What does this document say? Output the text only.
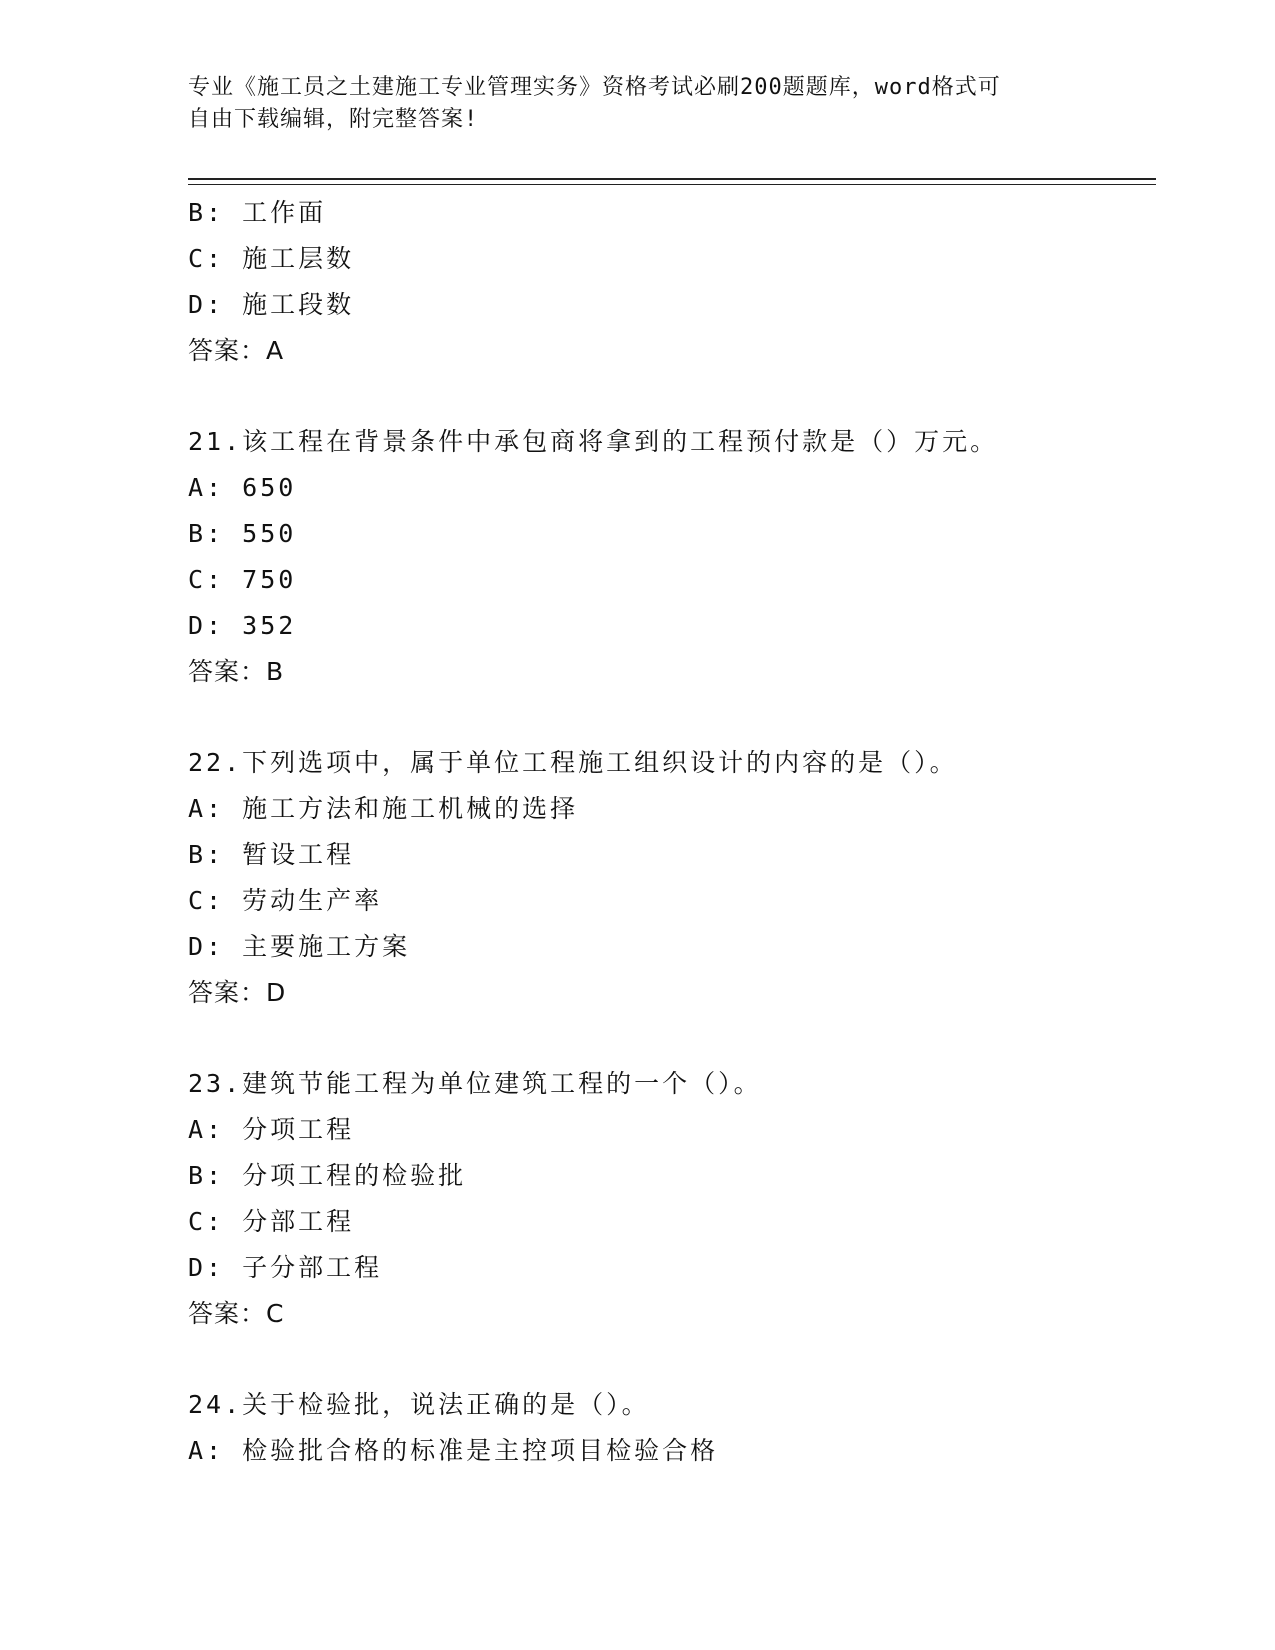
专业《施工员之土建施工专业管理实务》资格考试必刷200题题库，word格式可
自由下载编辑，附完整答案!
B: 工作面
C: 施工层数
D: 施工段数
答案：A
21.该工程在背景条件中承包商将拿到的工程预付款是（）万元。
A: 650
B: 550
C: 750
D: 352
答案：B
22.下列选项中，属于单位工程施工组织设计的内容的是（）。
A: 施工方法和施工机械的选择
B: 暂设工程
C: 劳动生产率
D: 主要施工方案
答案：D
23.建筑节能工程为单位建筑工程的一个（）。
A: 分项工程
B: 分项工程的检验批
C: 分部工程
D: 子分部工程
答案：C
24.关于检验批，说法正确的是（）。
A: 检验批合格的标准是主控项目检验合格
